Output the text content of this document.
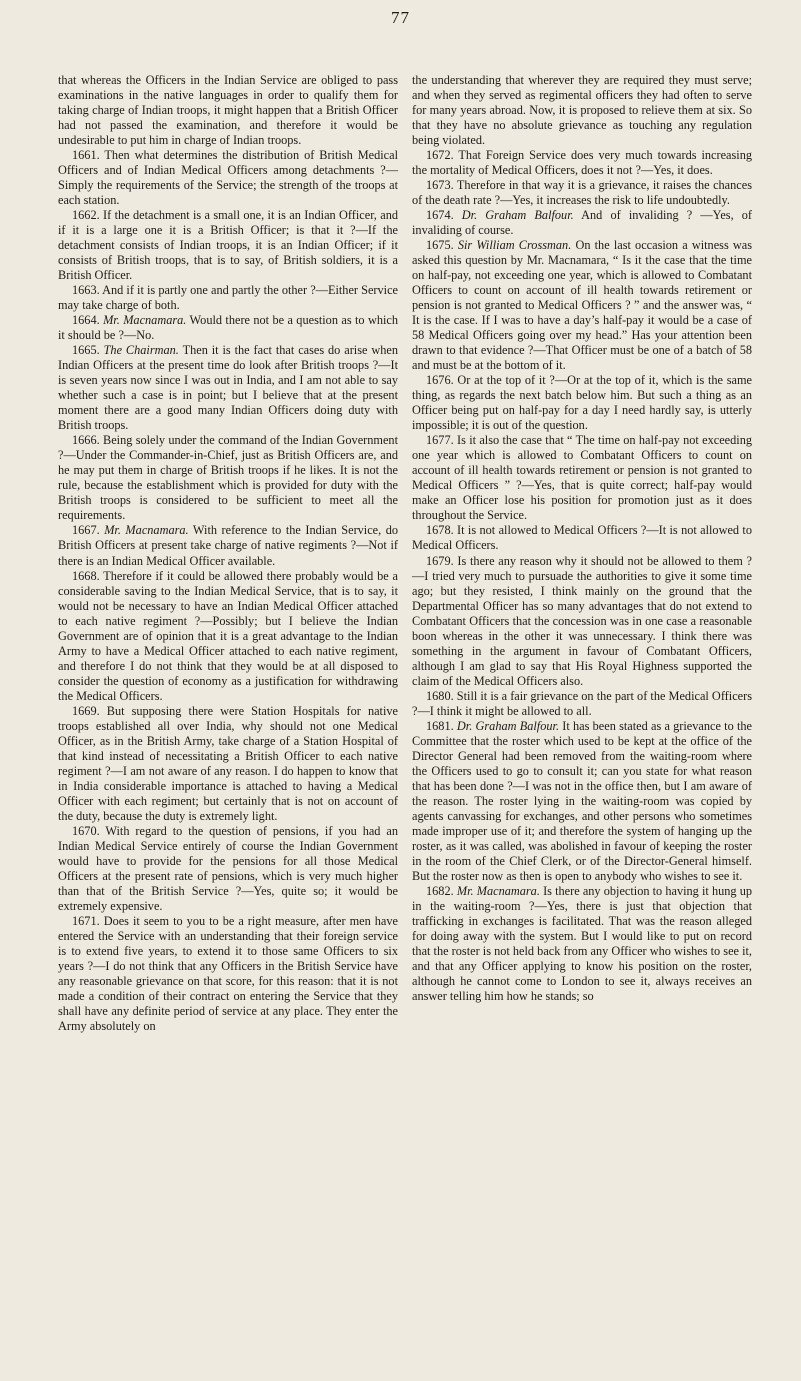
77

that whereas the Officers in the Indian Service are obliged to pass examinations in the native languages in order to qualify them for taking charge of Indian troops, it might happen that a British Officer had not passed the examination, and therefore it would be undesirable to put him in charge of Indian troops.

1661. Then what determines the distribution of British Medical Officers and of Indian Medical Officers among detachments ?—Simply the requirements of the Service; the strength of the troops at each station.

1662. If the detachment is a small one, it is an Indian Officer, and if it is a large one it is a British Officer; is that it ?—If the detachment consists of Indian troops, it is an Indian Officer; if it consists of British troops, that is to say, of British soldiers, it is a British Officer.

1663. And if it is partly one and partly the other ?—Either Service may take charge of both.

1664. Mr. Macnamara. Would there not be a question as to which it should be ?—No.

1665. The Chairman. Then it is the fact that cases do arise when Indian Officers at the present time do look after British troops ?—It is seven years now since I was out in India, and I am not able to say whether such a case is in point; but I believe that at the present moment there are a good many Indian Officers doing duty with British troops.

1666. Being solely under the command of the Indian Government ?—Under the Commander-in-Chief, just as British Officers are, and he may put them in charge of British troops if he likes. It is not the rule, because the establishment which is provided for duty with the British troops is considered to be sufficient to meet all the requirements.

1667. Mr. Macnamara. With reference to the Indian Service, do British Officers at present take charge of native regiments ?—Not if there is an Indian Medical Officer available.

1668. Therefore if it could be allowed there probably would be a considerable saving to the Indian Medical Service, that is to say, it would not be necessary to have an Indian Medical Officer attached to each native regiment ?—Possibly; but I believe the Indian Government are of opinion that it is a great advantage to the Indian Army to have a Medical Officer attached to each native regiment, and therefore I do not think that they would be at all disposed to consider the question of economy as a justification for withdrawing the Medical Officers.

1669. But supposing there were Station Hospitals for native troops established all over India, why should not one Medical Officer, as in the British Army, take charge of a Station Hospital of that kind instead of necessitating a British Officer to each native regiment ?—I am not aware of any reason. I do happen to know that in India considerable importance is attached to having a Medical Officer with each regiment; but certainly that is not on account of the duty, because the duty is extremely light.

1670. With regard to the question of pensions, if you had an Indian Medical Service entirely of course the Indian Government would have to provide for the pensions for all those Medical Officers at the present rate of pensions, which is very much higher than that of the British Service ?—Yes, quite so; it would be extremely expensive.

1671. Does it seem to you to be a right measure, after men have entered the Service with an understanding that their foreign service is to extend five years, to extend it to those same Officers to six years ?—I do not think that any Officers in the British Service have any reasonable grievance on that score, for this reason: that it is not made a condition of their contract on entering the Service that they shall have any definite period of service at any place. They enter the Army absolutely on

the understanding that wherever they are required they must serve; and when they served as regimental officers they had often to serve for many years abroad. Now, it is proposed to relieve them at six. So that they have no absolute grievance as touching any regulation being violated.

1672. That Foreign Service does very much towards increasing the mortality of Medical Officers, does it not ?—Yes, it does.

1673. Therefore in that way it is a grievance, it raises the chances of the death rate ?—Yes, it increases the risk to life undoubtedly.

1674. Dr. Graham Balfour. And of invaliding ? —Yes, of invaliding of course.

1675. Sir William Crossman. On the last occasion a witness was asked this question by Mr. Macnamara, “ Is it the case that the time on half-pay, not exceeding one year, which is allowed to Combatant Officers to count on account of ill health towards retirement or pension is not granted to Medical Officers ? ” and the answer was, “ It is the case. If I was to have a day’s half-pay it would be a case of 58 Medical Officers going over my head.” Has your attention been drawn to that evidence ?—That Officer must be one of a batch of 58 and must be at the bottom of it.

1676. Or at the top of it ?—Or at the top of it, which is the same thing, as regards the next batch below him. But such a thing as an Officer being put on half-pay for a day I need hardly say, is utterly impossible; it is out of the question.

1677. Is it also the case that “ The time on half-pay not exceeding one year which is allowed to Combatant Officers to count on account of ill health towards retirement or pension is not granted to Medical Officers ” ?—Yes, that is quite correct; half-pay would make an Officer lose his position for promotion just as it does throughout the Service.

1678. It is not allowed to Medical Officers ?—It is not allowed to Medical Officers.

1679. Is there any reason why it should not be allowed to them ?—I tried very much to pursuade the authorities to give it some time ago; but they resisted, I think mainly on the ground that the Departmental Officer has so many advantages that do not extend to Combatant Officers that the concession was in one case a reasonable boon whereas in the other it was unnecessary. I think there was something in the argument in favour of Combatant Officers, although I am glad to say that His Royal Highness supported the claim of the Medical Officers also.

1680. Still it is a fair grievance on the part of the Medical Officers ?—I think it might be allowed to all.

1681. Dr. Graham Balfour. It has been stated as a grievance to the Committee that the roster which used to be kept at the office of the Director General had been removed from the waiting-room where the Officers used to go to consult it; can you state for what reason that has been done ?—I was not in the office then, but I am aware of the reason. The roster lying in the waiting-room was copied by agents canvassing for exchanges, and other persons who sometimes made improper use of it; and therefore the system of hanging up the roster, as it was called, was abolished in favour of keeping the roster in the room of the Chief Clerk, or of the Director-General himself. But the roster now as then is open to anybody who wishes to see it.

1682. Mr. Macnamara. Is there any objection to having it hung up in the waiting-room ?—Yes, there is just that objection that trafficking in exchanges is facilitated. That was the reason alleged for doing away with the system. But I would like to put on record that the roster is not held back from any Officer who wishes to see it, and that any Officer applying to know his position on the roster, although he cannot come to London to see it, always receives an answer telling him how he stands; so
